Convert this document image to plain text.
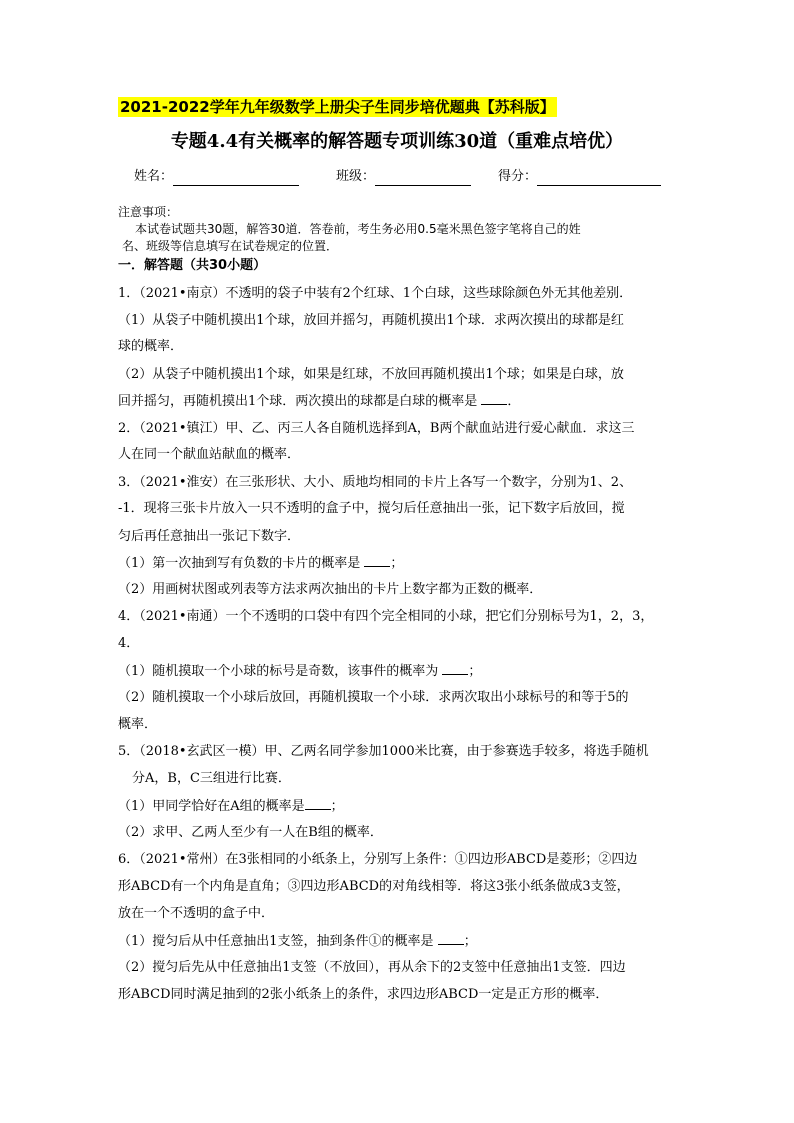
2021-2022学年九年级数学上册尖子生同步培优题典【苏科版】
专题4.4有关概率的解答题专项训练30道（重难点培优）
姓名：	班级：	得分：
注意事项：
本试卷试题共30题，解答30道．答卷前，考生务必用0.5毫米黑色签字笔将自己的姓
名、班级等信息填写在试卷规定的位置．
一．解答题（共30小题）
1．（2021•南京）不透明的袋子中装有2个红球、1个白球，这些球除颜色外无其他差别．
（1）从袋子中随机摸出1个球，放回并摇匀，再随机摸出1个球．求两次摸出的球都是红
球的概率．
（2）从袋子中随机摸出1个球，如果是红球，不放回再随机摸出1个球；如果是白球，放
回并摇匀，再随机摸出1个球．两次摸出的球都是白球的概率是 ．
2．（2021•镇江）甲、乙、丙三人各自随机选择到A，B两个献血站进行爱心献血．求这三
人在同一个献血站献血的概率．
3．（2021•淮安）在三张形状、大小、质地均相同的卡片上各写一个数字，分别为1、2、
-1．现将三张卡片放入一只不透明的盒子中，搅匀后任意抽出一张，记下数字后放回，搅
匀后再任意抽出一张记下数字．
（1）第一次抽到写有负数的卡片的概率是 ；
（2）用画树状图或列表等方法求两次抽出的卡片上数字都为正数的概率．
4．（2021•南通）一个不透明的口袋中有四个完全相同的小球，把它们分别标号为1，2，3，
4．
（1）随机摸取一个小球的标号是奇数，该事件的概率为 ；
（2）随机摸取一个小球后放回，再随机摸取一个小球．求两次取出小球标号的和等于5的
概率．
5．（2018•玄武区一模）甲、乙两名同学参加1000米比赛，由于参赛选手较多，将选手随机
分A，B，C三组进行比赛．
（1）甲同学恰好在A组的概率是 ；
（2）求甲、乙两人至少有一人在B组的概率．
6．（2021•常州）在3张相同的小纸条上，分别写上条件：①四边形ABCD是菱形；②四边
形ABCD有一个内角是直角；③四边形ABCD的对角线相等．将这3张小纸条做成3支签，
放在一个不透明的盒子中．
（1）搅匀后从中任意抽出1支签，抽到条件①的概率是 ；
（2）搅匀后先从中任意抽出1支签（不放回），再从余下的2支签中任意抽出1支签．四边
形ABCD同时满足抽到的2张小纸条上的条件，求四边形ABCD一定是正方形的概率．
